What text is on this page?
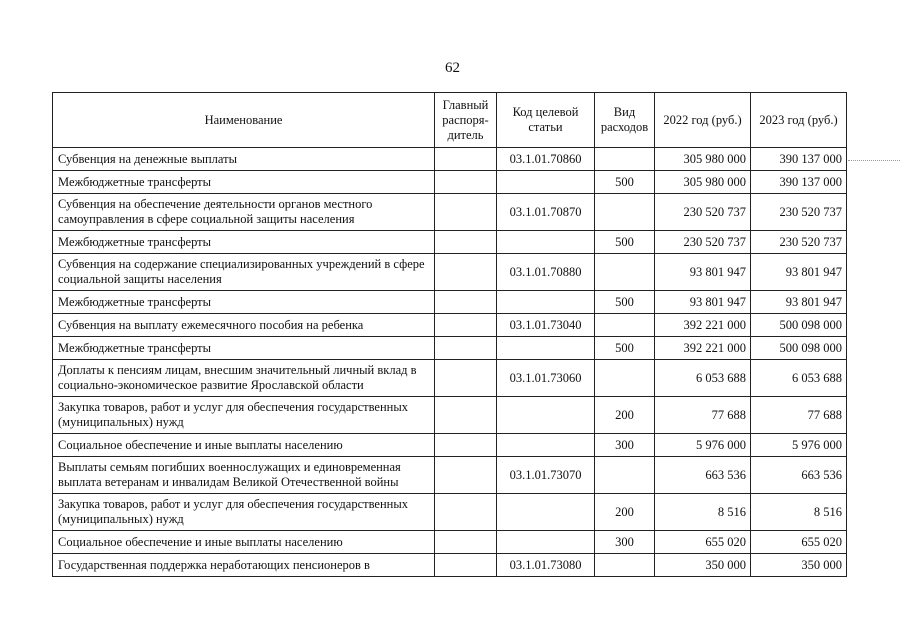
62
Наименование	Главный распоря-дитель	Код целевой статьи	Вид расходов	2022 год (руб.)	2023 год (руб.)
Субвенция на денежные выплаты		03.1.01.70860		305 980 000	390 137 000
Межбюджетные трансферты			500	305 980 000	390 137 000
Субвенция на обеспечение деятельности органов местного самоуправления в сфере социальной защиты населения		03.1.01.70870		230 520 737	230 520 737
Межбюджетные трансферты			500	230 520 737	230 520 737
Субвенция на содержание специализированных учреждений в сфере социальной защиты населения		03.1.01.70880		93 801 947	93 801 947
Межбюджетные трансферты			500	93 801 947	93 801 947
Субвенция на выплату ежемесячного пособия на ребенка		03.1.01.73040		392 221 000	500 098 000
Межбюджетные трансферты			500	392 221 000	500 098 000
Доплаты к пенсиям лицам, внесшим значительный личный вклад в социально-экономическое развитие Ярославской области		03.1.01.73060		6 053 688	6 053 688
Закупка товаров, работ и услуг для обеспечения государственных (муниципальных) нужд			200	77 688	77 688
Социальное обеспечение и иные выплаты населению			300	5 976 000	5 976 000
Выплаты семьям погибших военнослужащих и единовременная выплата ветеранам и инвалидам Великой Отечественной войны		03.1.01.73070		663 536	663 536
Закупка товаров, работ и услуг для обеспечения государственных (муниципальных) нужд			200	8 516	8 516
Социальное обеспечение и иные выплаты населению			300	655 020	655 020
Государственная поддержка неработающих пенсионеров в		03.1.01.73080		350 000	350 000
